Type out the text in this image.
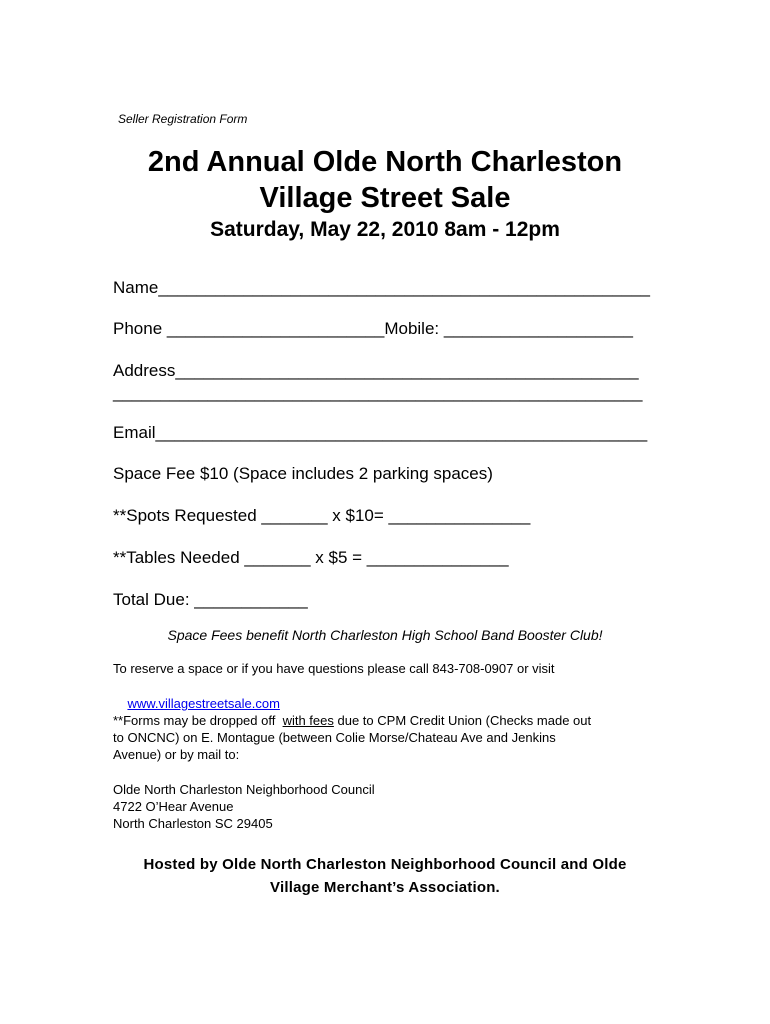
Seller Registration Form
2nd Annual Olde North Charleston
Village Street Sale
Saturday, May 22, 2010 8am - 12pm
Name____________________________________________________
Phone _______________________Mobile: ____________________
Address_________________________________________________
________________________________________________________
Email____________________________________________________
Space Fee $10 (Space includes 2 parking spaces)
**Spots Requested _______ x $10= _______________
**Tables Needed _______ x $5 = _______________
Total Due: ____________
Space Fees benefit North Charleston High School Band Booster Club!
To reserve a space or if you have questions please call 843-708-0907 or visit

www.villagestreetsale.com

**Forms may be dropped off  with fees due to CPM Credit Union (Checks made out
to ONCNC) on E. Montague (between Colie Morse/Chateau Ave and Jenkins
Avenue) or by mail to:
Olde North Charleston Neighborhood Council
4722 O’Hear Avenue
North Charleston SC 29405
Hosted by Olde North Charleston Neighborhood Council and Olde
Village Merchant’s Association.
